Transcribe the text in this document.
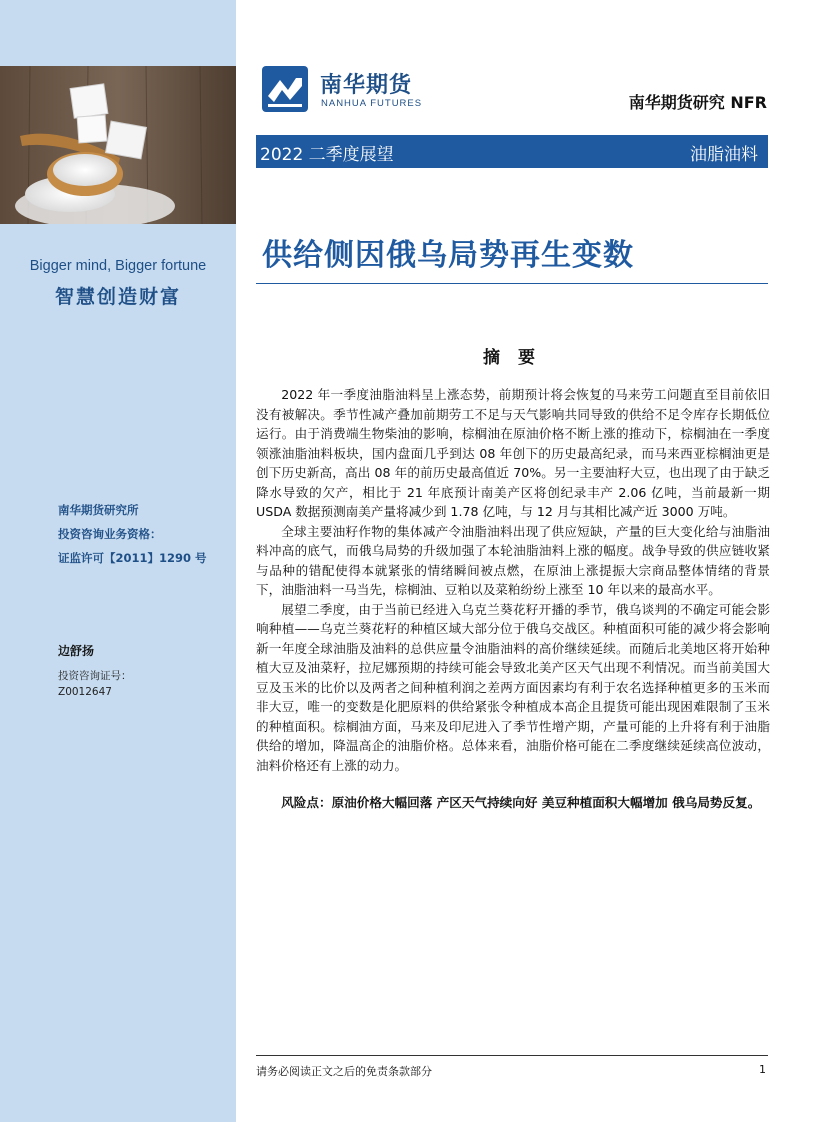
Bigger mind, Bigger fortune
智慧创造财富
南华期货研究所
投资咨询业务资格：
证监许可【2011】1290 号
边舒扬
投资咨询证号：
Z0012647
南华期货
NANHUA FUTURES	南华期货研究 NFR
2022 二季度展望	油脂油料
供给侧因俄乌局势再生变数
摘 要

2022 年一季度油脂油料呈上涨态势，前期预计将会恢复的马来劳工问题直至目前依旧没有被解决。季节性减产叠加前期劳工不足与天气影响共同导致的供给不足令库存长期低位运行。由于消费端生物柴油的影响，棕榈油在原油价格不断上涨的推动下，棕榈油在一季度领涨油脂油料板块，国内盘面几乎到达 08 年创下的历史最高纪录，而马来西亚棕榈油更是创下历史新高，高出 08 年的前历史最高值近 70%。另一主要油籽大豆，也出现了由于缺乏降水导致的欠产，相比于 21 年底预计南美产区将创纪录丰产 2.06 亿吨，当前最新一期 USDA 数据预测南美产量将减少到 1.78 亿吨，与 12 月与其相比减产近 3000 万吨。

全球主要油籽作物的集体减产令油脂油料出现了供应短缺，产量的巨大变化给与油脂油料冲高的底气，而俄乌局势的升级加强了本轮油脂油料上涨的幅度。战争导致的供应链收紧与品种的错配使得本就紧张的情绪瞬间被点燃，在原油上涨提振大宗商品整体情绪的背景下，油脂油料一马当先，棕榈油、豆粕以及菜粕纷纷上涨至 10 年以来的最高水平。

展望二季度，由于当前已经进入乌克兰葵花籽开播的季节，俄乌谈判的不确定可能会影响种植——乌克兰葵花籽的种植区域大部分位于俄乌交战区。种植面积可能的减少将会影响新一年度全球油脂及油料的总供应量令油脂油料的高价继续延续。而随后北美地区将开始种植大豆及油菜籽，拉尼娜预期的持续可能会导致北美产区天气出现不利情况。而当前美国大豆及玉米的比价以及两者之间种植利润之差两方面因素均有利于农名选择种植更多的玉米而非大豆，唯一的变数是化肥原料的供给紧张令种植成本高企且提货可能出现困难限制了玉米的种植面积。棕榈油方面，马来及印尼进入了季节性增产期，产量可能的上升将有利于油脂供给的增加，降温高企的油脂价格。总体来看，油脂价格可能在二季度继续延续高位波动，油料价格还有上涨的动力。

风险点：原油价格大幅回落 产区天气持续向好 美豆种植面积大幅增加 俄乌局势反复。

请务必阅读正文之后的免责条款部分	1
